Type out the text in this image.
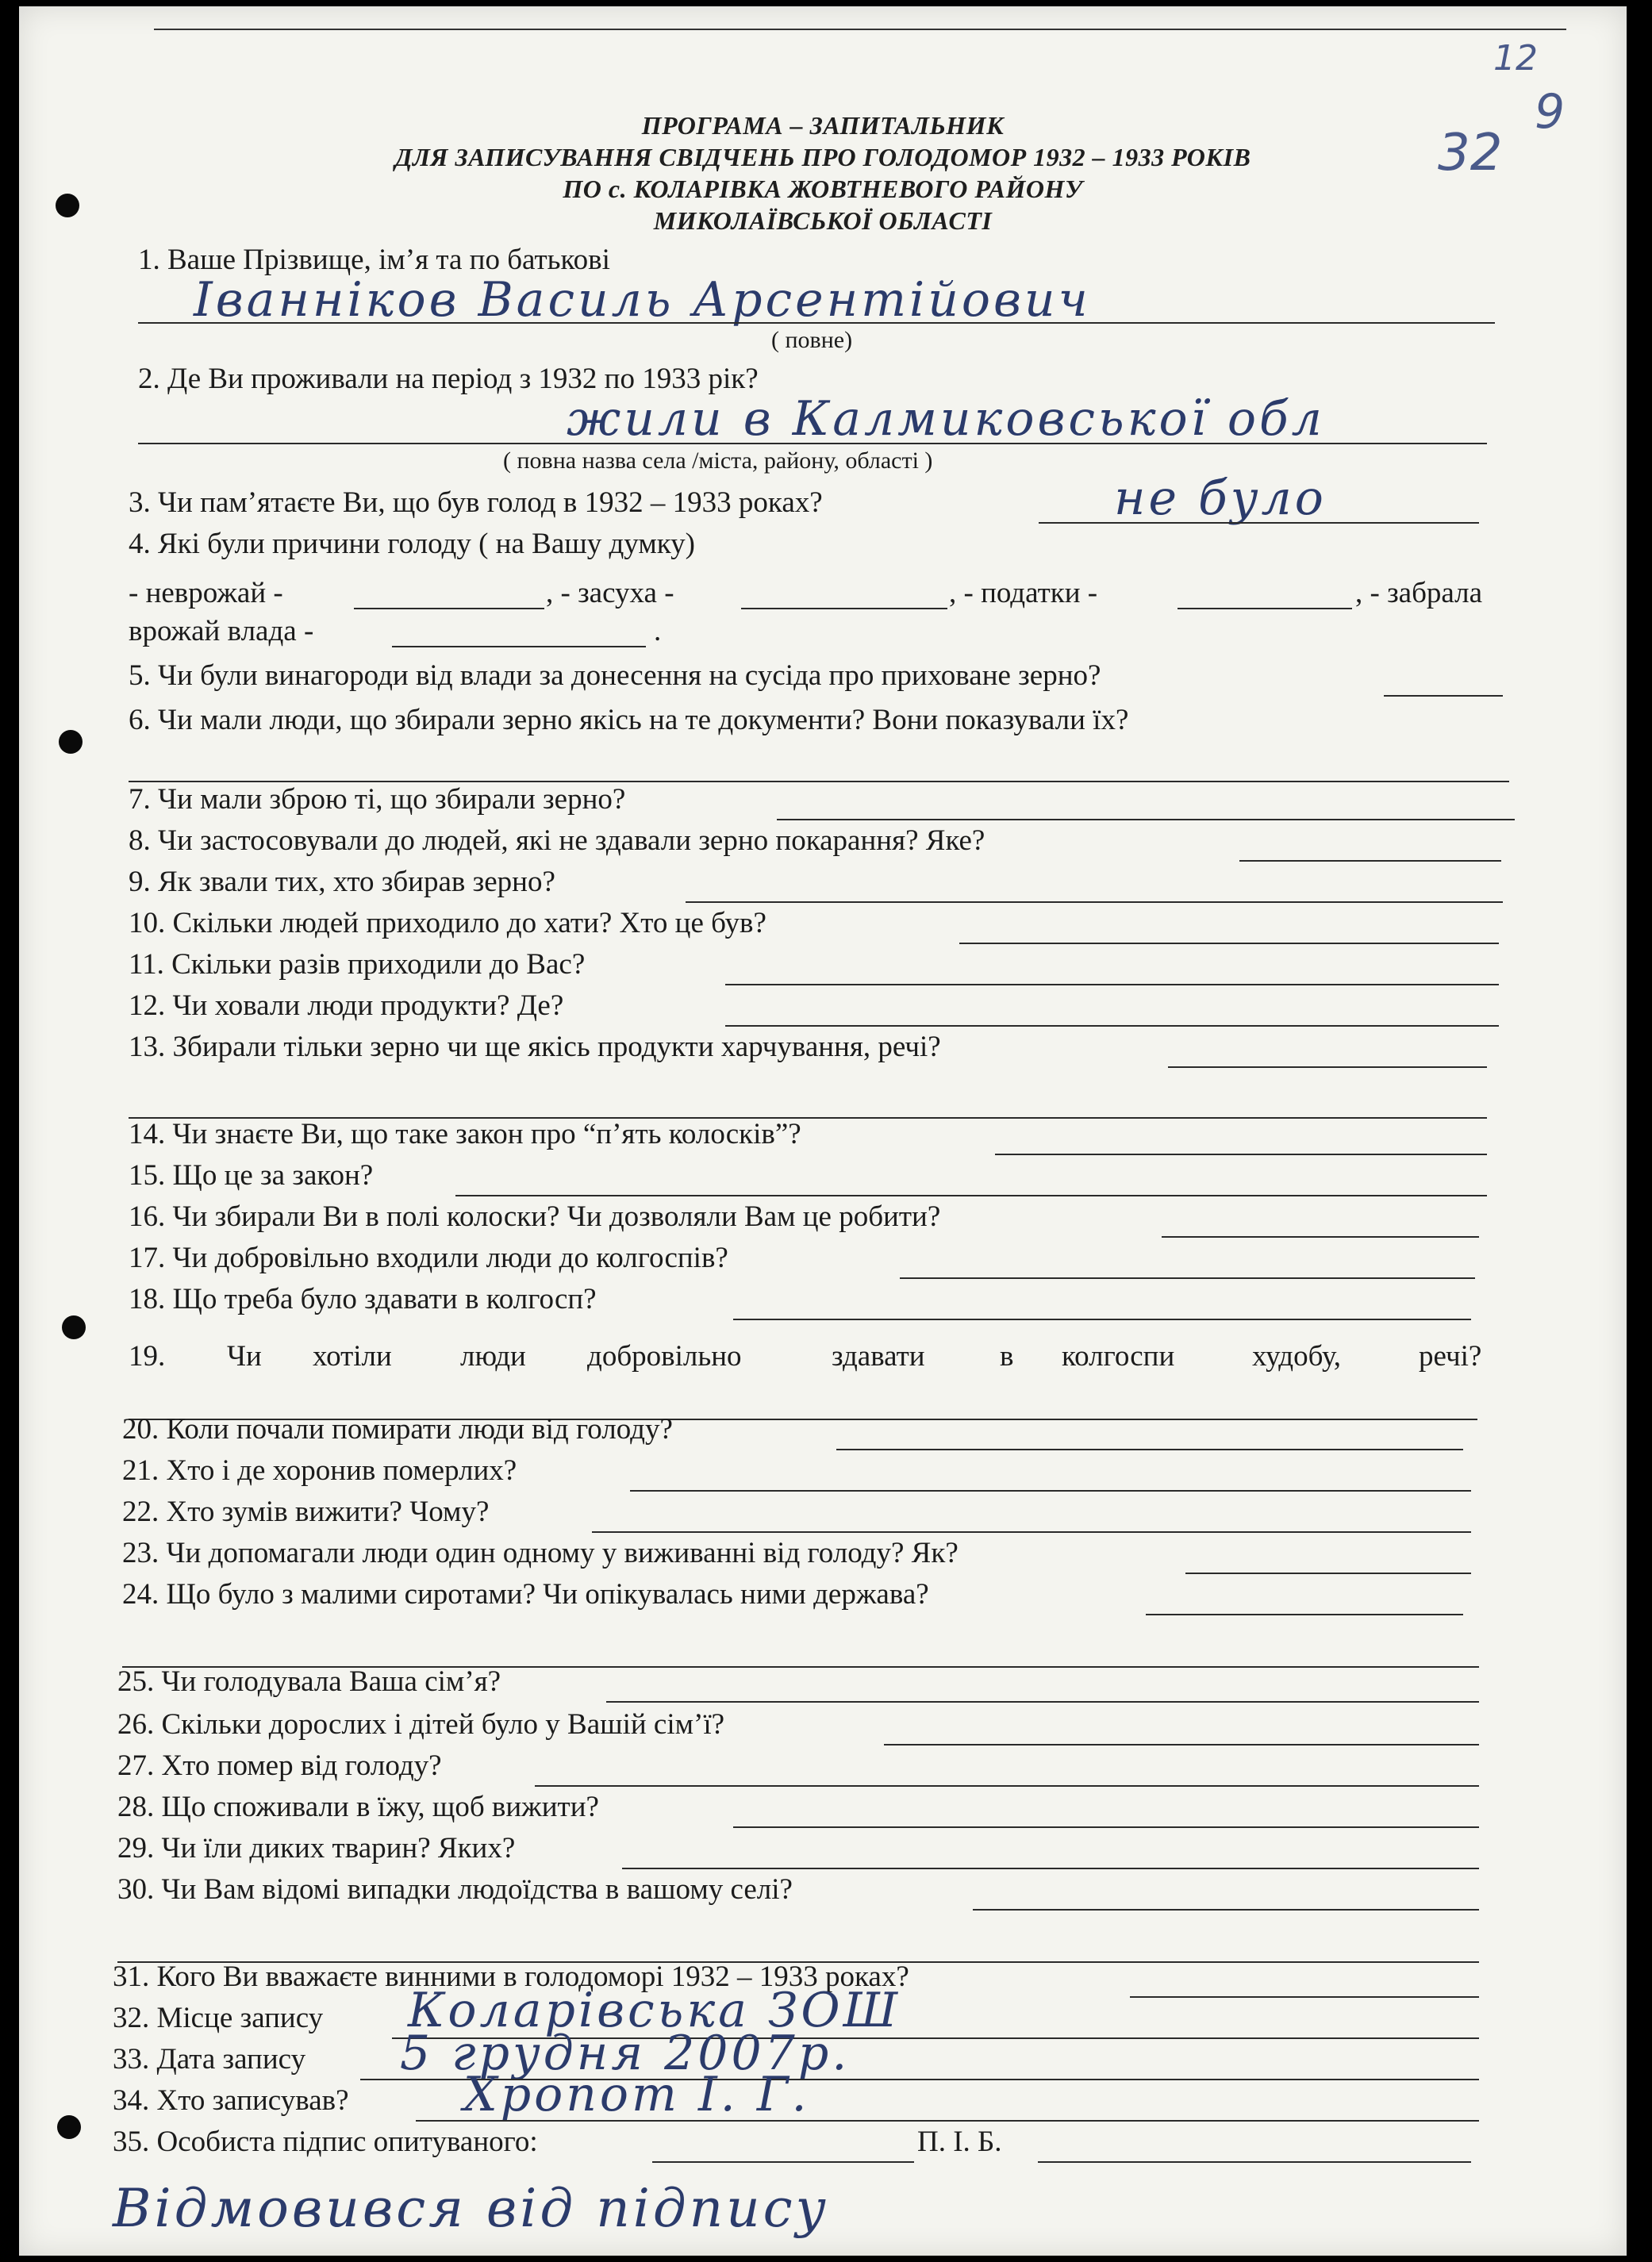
12
9
32
ПРОГРАМА – ЗАПИТАЛЬНИК
ДЛЯ ЗАПИСУВАННЯ СВІДЧЕНЬ ПРО ГОЛОДОМОР 1932 – 1933 РОКІВ
ПО с. КОЛАРІВКА ЖОВТНЕВОГО РАЙОНУ
МИКОЛАЇВСЬКОЇ ОБЛАСТІ
1. Ваше Прізвище, ім’я та по батькові
Іванніков Василь Арсентійович
( повне)
2. Де Ви проживали на період з 1932 по 1933 рік?
жили в Калмиковської обл
( повна назва села /міста, району, області )
3. Чи пам’ятаєте Ви, що був голод в 1932 – 1933 роках?	не було
4. Які були причини голоду ( на Вашу думку)
- неврожай -	, - засуха -	, - податки -	, - забрала
врожай влада -	.
5. Чи були винагороди від влади за донесення на сусіда про приховане зерно?
6. Чи мали люди, що збирали зерно якісь на те документи? Вони показували їх?
7. Чи мали зброю ті, що збирали зерно?
8. Чи застосовували до людей, які не здавали зерно покарання? Яке?
9. Як звали тих, хто збирав зерно?
10. Скільки людей приходило до хати? Хто це був?
11. Скільки разів приходили до Вас?
12. Чи ховали люди продукти? Де?
13. Збирали тільки зерно чи ще якісь продукти харчування, речі?
14. Чи знаєте Ви, що таке закон про “п’ять колосків”?
15. Що це за закон?
16. Чи збирали Ви в полі колоски? Чи дозволяли Вам це робити?
17. Чи добровільно входили люди до колгоспів?
18. Що треба було здавати в колгосп?
19. Чи хотіли люди добровільно	здавати	в колгоспи	худобу,	речі?
20. Коли почали помирати люди від голоду?
21. Хто і де хоронив померлих?
22. Хто зумів вижити? Чому?
23. Чи допомагали люди один одному у виживанні від голоду? Як?
24. Що було з малими сиротами? Чи опікувалась ними держава?
25. Чи голодувала Ваша сім’я?
26. Скільки дорослих і дітей було у Вашій сім’ї?
27. Хто помер від голоду?
28. Що споживали в їжу, щоб вижити?
29. Чи їли диких тварин? Яких?
30. Чи Вам відомі випадки людоїдства в вашому селі?
31. Кого Ви вважаєте винними в голодоморі 1932 – 1933 роках?
32. Місце запису Коларівська ЗОШ
33. Дата запису 5 грудня 2007р.
34. Хто записував? Хропот І. Г.
35. Особиста підпис опитуваного:	П. І. Б.
Відмовився від підпису
